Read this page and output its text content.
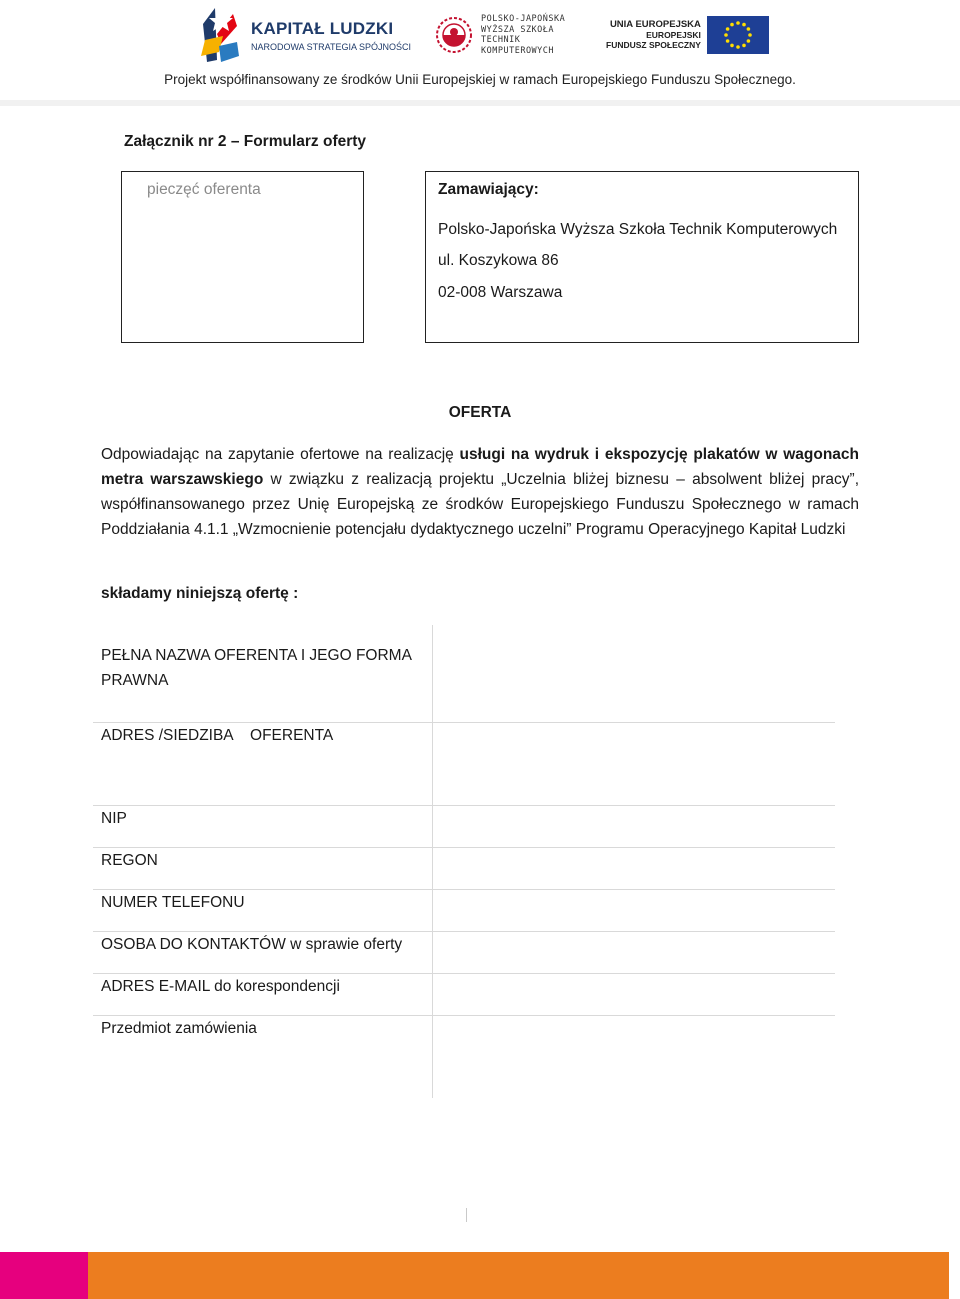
KAPITAŁ LUDZKI
NARODOWA STRATEGIA SPÓJNOŚCI
POLSKO-JAPOŃSKA
WYŻSZA SZKOŁA
TECHNIK
KOMPUTEROWYCH
UNIA EUROPEJSKA
EUROPEJSKI
FUNDUSZ SPOŁECZNY
Projekt współfinansowany ze środków Unii Europejskiej w ramach Europejskiego Funduszu Społecznego.
Załącznik nr 2 – Formularz oferty
pieczęć oferenta	Zamawiający:
Polsko-Japońska Wyższa Szkoła Technik Komputerowych
ul. Koszykowa 86
02-008 Warszawa
OFERTA
Odpowiadając na zapytanie ofertowe na realizację usługi na wydruk i ekspozycję plakatów w wagonach metra warszawskiego w związku z realizacją projektu „Uczelnia bliżej biznesu – absolwent bliżej pracy”, współfinansowanego przez Unię Europejską ze środków Europejskiego Funduszu Społecznego w ramach Poddziałania 4.1.1 „Wzmocnienie potencjału dydaktycznego uczelni” Programu Operacyjnego Kapitał Ludzki
składamy niniejszą ofertę :
PEŁNA NAZWA OFERENTA I JEGO FORMA PRAWNA
ADRES /SIEDZIBA    OFERENTA
NIP
REGON
NUMER TELEFONU
OSOBA DO KONTAKTÓW w sprawie oferty
ADRES E-MAIL do korespondencji
Przedmiot zamówienia
